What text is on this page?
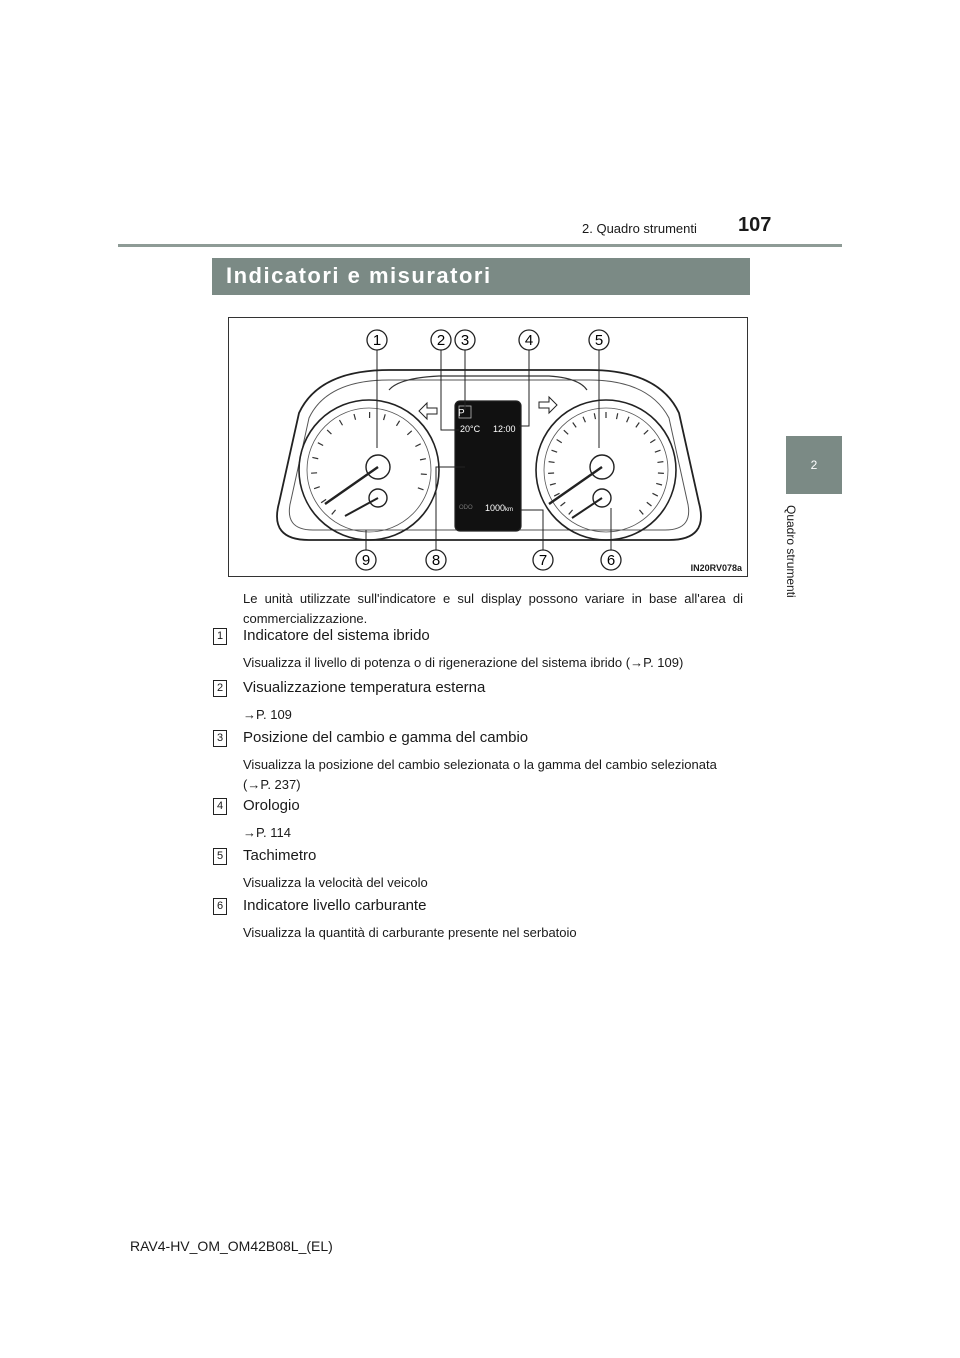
107
2. Quadro strumenti
2
Quadro strumenti
Indicatori e misuratori
1	2 3	4	5
6
7
8
9
P
20°C 12:00
ODO 1000km
IN20RV078a
Le unità utilizzate sull'indicatore e sul display possono variare in base all'area di commercializzazione.
1 Indicatore del sistema ibrido
Visualizza il livello di potenza o di rigenerazione del sistema ibrido (→P. 109)
2 Visualizzazione temperatura esterna
→P. 109
3 Posizione del cambio e gamma del cambio
Visualizza la posizione del cambio selezionata o la gamma del cambio selezionata (→P. 237)
4 Orologio
→P. 114
5 Tachimetro
Visualizza la velocità del veicolo
6 Indicatore livello carburante
Visualizza la quantità di carburante presente nel serbatoio
RAV4-HV_OM_OM42B08L_(EL)
